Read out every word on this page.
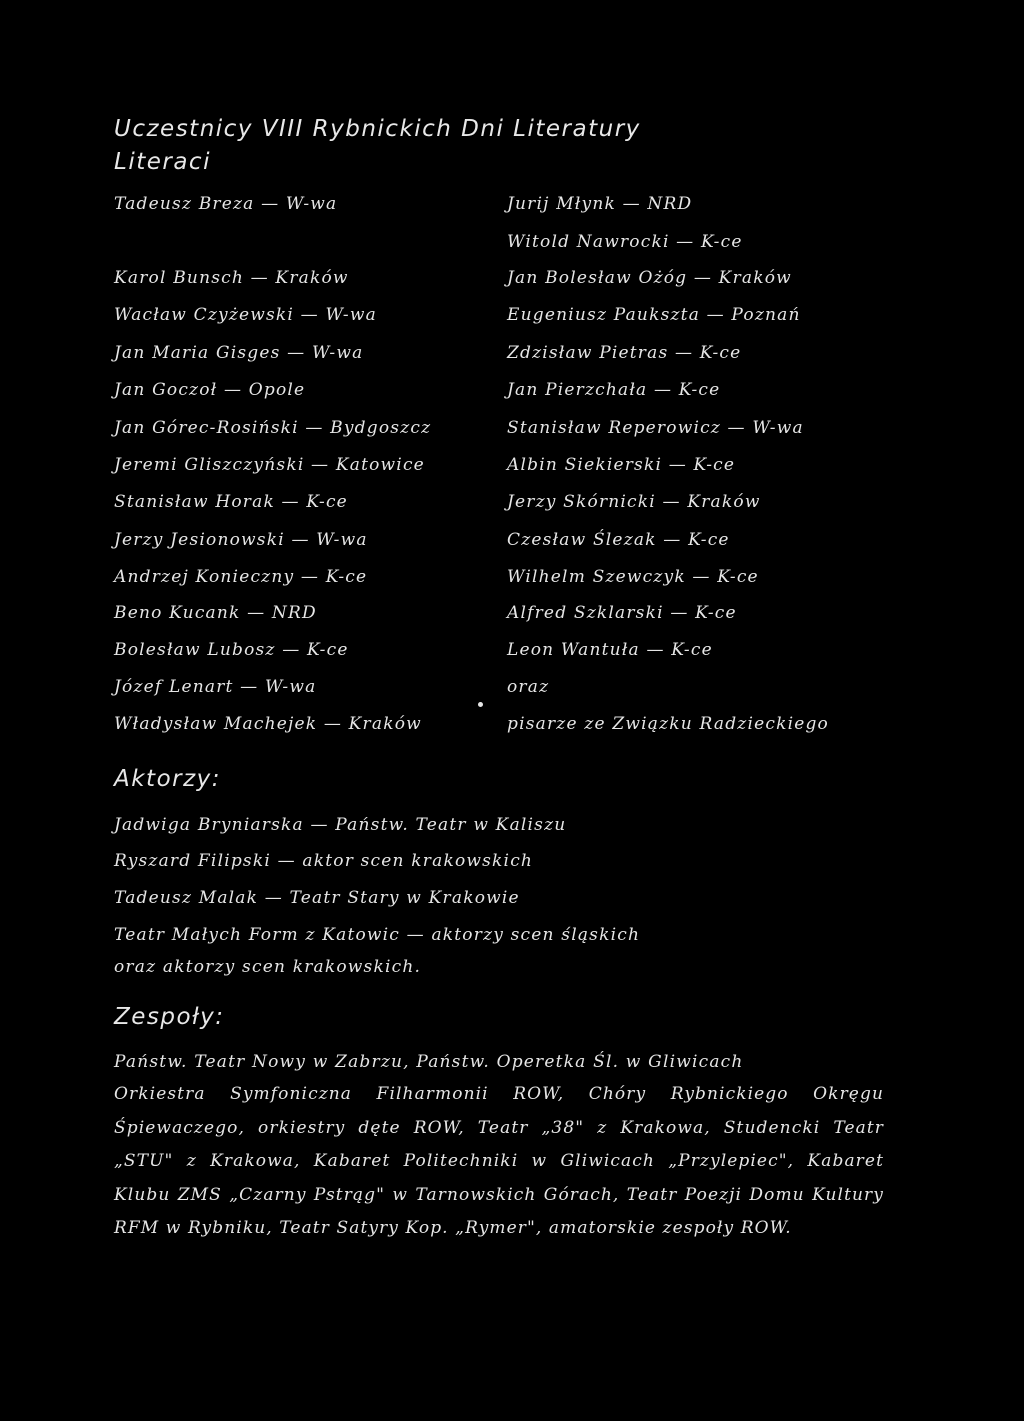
Uczestnicy VIII Rybnickich Dni Literatury
Literaci
Tadeusz Breza — W-wa
Karol Bunsch — Kraków
Wacław Czyżewski — W-wa
Jan Maria Gisges — W-wa
Jan Goczoł — Opole
Jan Górec-Rosiński — Bydgoszcz
Jeremi Gliszczyński — Katowice
Stanisław Horak — K-ce
Jerzy Jesionowski — W-wa
Andrzej Konieczny — K-ce
Beno Kucank — NRD
Bolesław Lubosz — K-ce
Józef Lenart — W-wa
Władysław Machejek — Kraków
Jurij Młynk — NRD
Witold Nawrocki — K-ce
Jan Bolesław Ożóg — Kraków
Eugeniusz Paukszta — Poznań
Zdzisław Pietras — K-ce
Jan Pierzchała — K-ce
Stanisław Reperowicz — W-wa
Albin Siekierski — K-ce
Jerzy Skórnicki — Kraków
Czesław Ślezak — K-ce
Wilhelm Szewczyk — K-ce
Alfred Szklarski — K-ce
Leon Wantuła — K-ce
oraz
pisarze ze Związku Radzieckiego
Aktorzy:
Jadwiga Bryniarska — Państw. Teatr w Kaliszu
Ryszard Filipski — aktor scen krakowskich
Tadeusz Malak — Teatr Stary w Krakowie
Teatr Małych Form z Katowic — aktorzy scen śląskich
oraz aktorzy scen krakowskich.
Zespoły:
Państw. Teatr Nowy w Zabrzu, Państw. Operetka Śl. w Gliwicach
Orkiestra Symfoniczna Filharmonii ROW, Chóry Rybnickiego Okręgu Śpiewaczego, orkiestry dęte ROW, Teatr „38" z Krakowa, Studencki Teatr „STU" z Krakowa, Kabaret Politechniki w Gliwicach „Przylepiec", Kabaret Klubu ZMS „Czarny Pstrąg" w Tarnowskich Górach, Teatr Poezji Domu Kultury RFM w Rybniku, Teatr Satyry Kop. „Rymer", amatorskie zespoły ROW.
